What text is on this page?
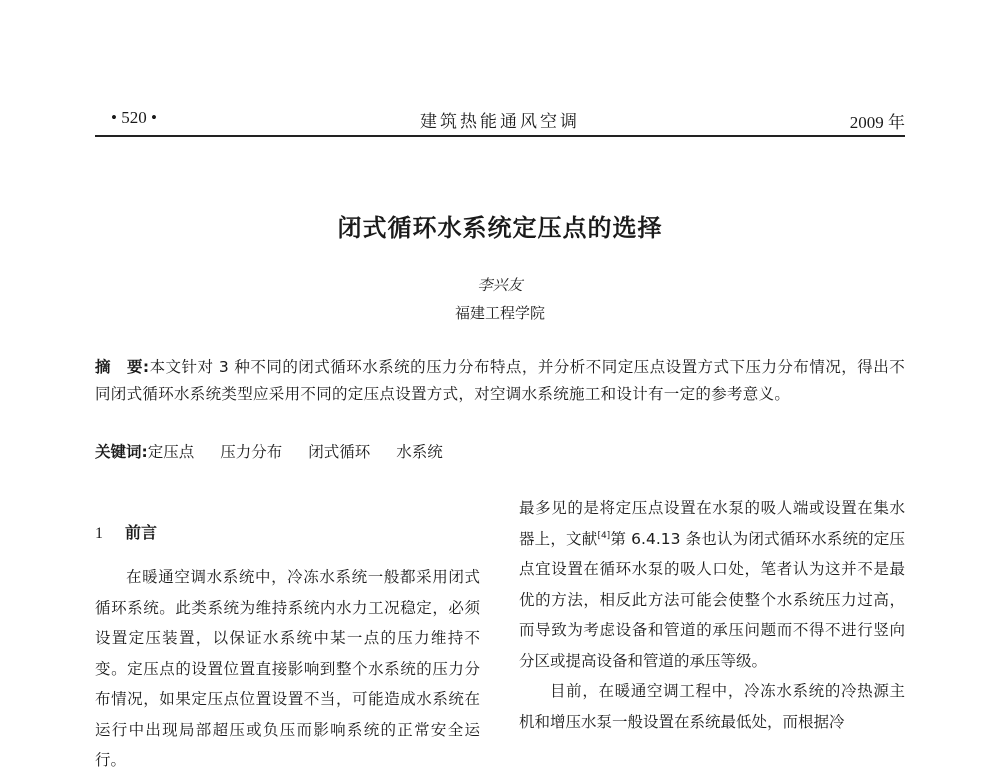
• 520 •	建筑热能通风空调	2009 年
闭式循环水系统定压点的选择
李兴友
福建工程学院
摘　要:本文针对 3 种不同的闭式循环水系统的压力分布特点，并分析不同定压点设置方式下压力分布情况，得出不同闭式循环水系统类型应采用不同的定压点设置方式，对空调水系统施工和设计有一定的参考意义。
关键词:定压点 压力分布 闭式循环 水系统
1 前言

在暖通空调水系统中，冷冻水系统一般都采用闭式循环系统。此类系统为维持系统内水力工况稳定，必须设置定压装置，以保证水系统中某一点的压力维持不变。定压点的设置位置直接影响到整个水系统的压力分布情况，如果定压点位置设置不当，可能造成水系统在运行中出现局部超压或负压而影响系统的正常安全运行。

最多见的是将定压点设置在水泵的吸人端或设置在集水器上，文献[4]第 6.4.13 条也认为闭式循环水系统的定压点宜设置在循环水泵的吸人口处，笔者认为这并不是最优的方法，相反此方法可能会使整个水系统压力过高，而导致为考虑设备和管道的承压问题而不得不进行竖向分区或提高设备和管道的承压等级。

目前，在暖通空调工程中，冷冻水系统的冷热源主机和增压水泵一般设置在系统最低处，而根据冷
